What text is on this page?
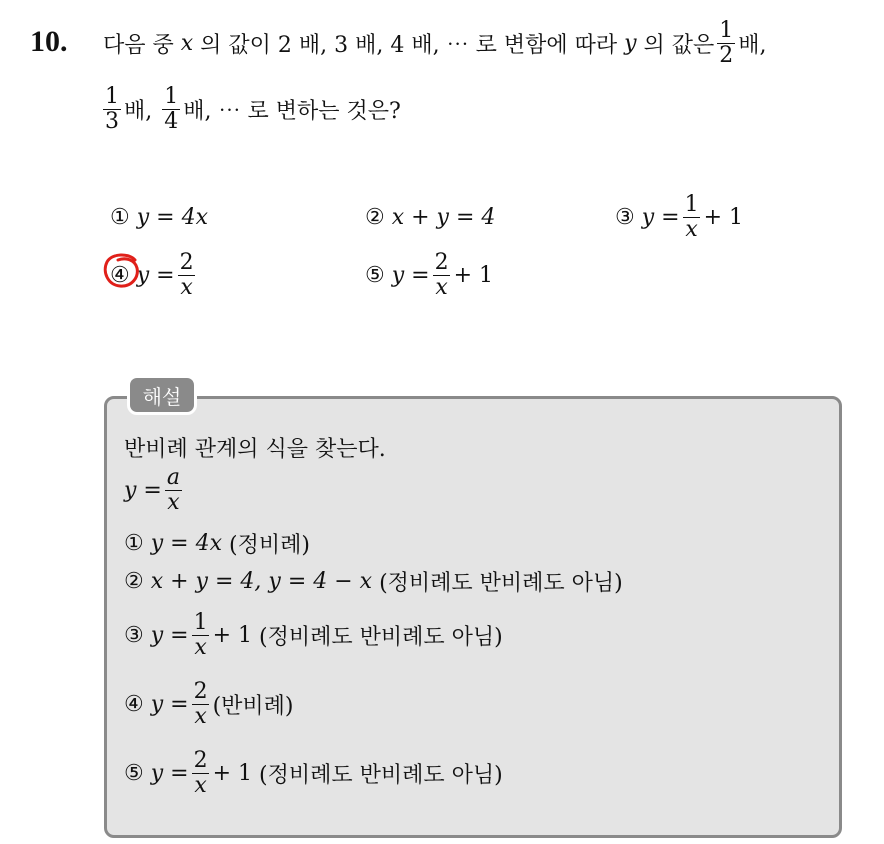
10. 다음 중
x
의 값이 2 배, 3 배, 4 배, ⋯ 로 변함에 따라
y
의 값은 $\frac{1}{2}$ 배,
$\frac{1}{3}$ 배,
$\frac{1}{4}$ 배, ⋯ 로 변하는 것은?
①
y = 4x	②
x + y = 4	③
$y = \frac{1}{x} + 1$
④
$y = \frac{2}{x}$	⑤
$y = \frac{2}{x} + 1$
해설
반비례 관계의 식을 찾는다.
$y = \frac{a}{x}$
①
y = 4x
(정비례)
②
x + y = 4, y = 4 − x
(정비례도 반비례도 아님)
③
$y = \frac{1}{x} + 1$
(정비례도 반비례도 아님)
④
$y = \frac{2}{x}$ (반비례)
⑤
$y = \frac{2}{x} + 1$
(정비례도 반비례도 아님)
